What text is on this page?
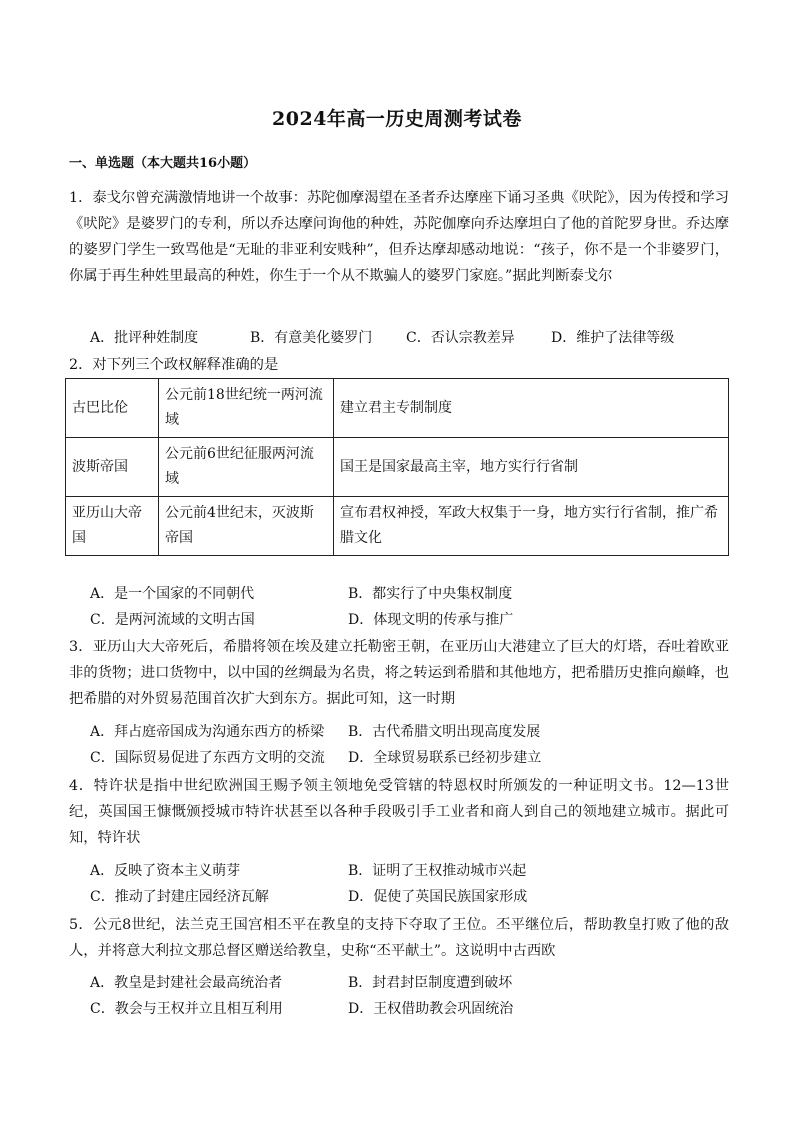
2024年高一历史周测考试卷
一、单选题（本大题共16小题）
1．泰戈尔曾充满激情地讲一个故事：苏陀伽摩渴望在圣者乔达摩座下诵习圣典《吠陀》，因为传授和学习《吠陀》是婆罗门的专利，所以乔达摩问询他的种姓，苏陀伽摩向乔达摩坦白了他的首陀罗身世。乔达摩的婆罗门学生一致骂他是“无耻的非亚利安贱种”，但乔达摩却感动地说：“孩子，你不是一个非婆罗门，你属于再生种姓里最高的种姓，你生于一个从不欺骗人的婆罗门家庭。”据此判断泰戈尔
A．批评种姓制度	B．有意美化婆罗门	C．否认宗教差异	D．维护了法律等级
2．对下列三个政权解释准确的是
古巴比伦	公元前18世纪统一两河流域	建立君主专制制度
波斯帝国	公元前6世纪征服两河流域	国王是国家最高主宰，地方实行行省制
亚历山大帝国	公元前4世纪末，灭波斯帝国	宣布君权神授，军政大权集于一身，地方实行行省制，推广希腊文化
A．是一个国家的不同朝代	B．都实行了中央集权制度
C．是两河流域的文明古国	D．体现文明的传承与推广
3．亚历山大大帝死后，希腊将领在埃及建立托勒密王朝，在亚历山大港建立了巨大的灯塔，吞吐着欧亚非的货物；进口货物中，以中国的丝绸最为名贵，将之转运到希腊和其他地方，把希腊历史推向巅峰，也把希腊的对外贸易范围首次扩大到东方。据此可知，这一时期
A．拜占庭帝国成为沟通东西方的桥梁	B．古代希腊文明出现高度发展
C．国际贸易促进了东西方文明的交流	D．全球贸易联系已经初步建立
4．特许状是指中世纪欧洲国王赐予领主领地免受管辖的特恩权时所颁发的一种证明文书。12—13世纪，英国国王慷慨颁授城市特许状甚至以各种手段吸引手工业者和商人到自己的领地建立城市。据此可知，特许状
A．反映了资本主义萌芽	B．证明了王权推动城市兴起
C．推动了封建庄园经济瓦解	D．促使了英国民族国家形成
5．公元8世纪，法兰克王国宫相丕平在教皇的支持下夺取了王位。丕平继位后，帮助教皇打败了他的敌人，并将意大利拉文那总督区赠送给教皇，史称“丕平献土”。这说明中古西欧
A．教皇是封建社会最高统治者	B．封君封臣制度遭到破坏
C．教会与王权并立且相互利用	D．王权借助教会巩固统治
